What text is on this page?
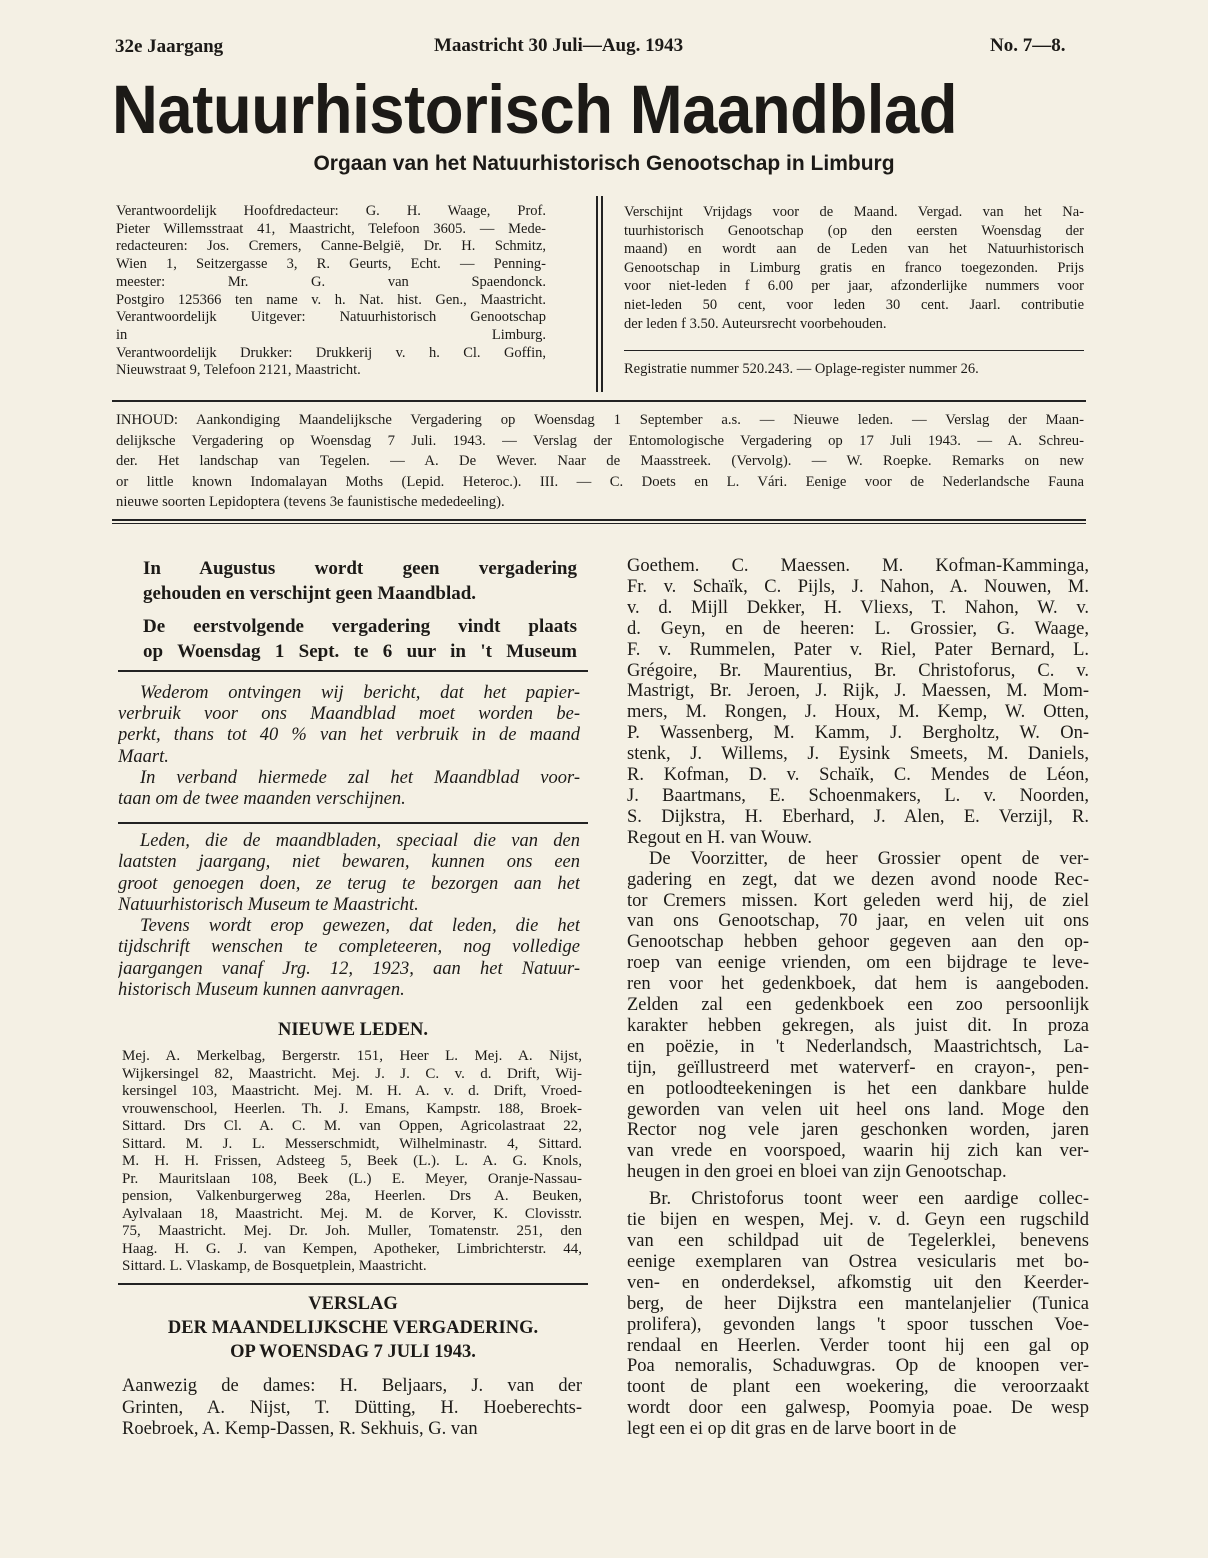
32e Jaargang	Maastricht 30 Juli—Aug. 1943	No. 7—8.
Natuurhistorisch Maandblad
Orgaan van het Natuurhistorisch Genootschap in Limburg
Verantwoordelijk Hoofdredacteur: G. H. Waage, Prof.
Pieter Willemsstraat 41, Maastricht, Telefoon 3605. — Mede-
redacteuren: Jos. Cremers, Canne-België, Dr. H. Schmitz,
Wien 1, Seitzergasse 3, R. Geurts, Echt. — Penning-
meester: Mr. G. van Spaendonck.
Postgiro 125366 ten name v. h. Nat. hist. Gen., Maastricht.
Verantwoordelijk Uitgever: Natuurhistorisch Genootschap
in Limburg.
Verantwoordelijk Drukker: Drukkerij v. h. Cl. Goffin,
Nieuwstraat 9, Telefoon 2121, Maastricht.
Verschijnt Vrijdags voor de Maand. Vergad. van het Na-
tuurhistorisch Genootschap (op den eersten Woensdag der
maand) en wordt aan de Leden van het Natuurhistorisch
Genootschap in Limburg gratis en franco toegezonden. Prijs
voor niet-leden f 6.00 per jaar, afzonderlijke nummers voor
niet-leden 50 cent, voor leden 30 cent. Jaarl. contributie
der leden f 3.50. Auteursrecht voorbehouden.
Registratie nummer 520.243. — Oplage-register nummer 26.
INHOUD: Aankondiging Maandelijksche Vergadering op Woensdag 1 September a.s. — Nieuwe leden. — Verslag der Maan-
delijksche Vergadering op Woensdag 7 Juli. 1943. — Verslag der Entomologische Vergadering op 17 Juli 1943. — A. Schreu-
der. Het landschap van Tegelen. — A. De Wever. Naar de Maasstreek. (Vervolg). — W. Roepke. Remarks on new
or little known Indomalayan Moths (Lepid. Heteroc.). III. — C. Doets en L. Vári. Eenige voor de Nederlandsche Fauna
nieuwe soorten Lepidoptera (tevens 3e faunistische mededeeling).
In Augustus wordt geen vergadering
gehouden en verschijnt geen Maandblad.
De eerstvolgende vergadering vindt plaats
op Woensdag 1 Sept. te 6 uur in 't Museum
Wederom ontvingen wij bericht, dat het papier-
verbruik voor ons Maandblad moet worden be-
perkt, thans tot 40 % van het verbruik in de maand
Maart.
In verband hiermede zal het Maandblad voor-
taan om de twee maanden verschijnen.
Leden, die de maandbladen, speciaal die van den
laatsten jaargang, niet bewaren, kunnen ons een
groot genoegen doen, ze terug te bezorgen aan het
Natuurhistorisch Museum te Maastricht.
Tevens wordt erop gewezen, dat leden, die het
tijdschrift wenschen te completeeren, nog volledige
jaargangen vanaf Jrg. 12, 1923, aan het Natuur-
historisch Museum kunnen aanvragen.
NIEUWE LEDEN.
Mej. A. Merkelbag, Bergerstr. 151, Heer L. Mej. A. Nijst,
Wijkersingel 82, Maastricht. Mej. J. J. C. v. d. Drift, Wij-
kersingel 103, Maastricht. Mej. M. H. A. v. d. Drift, Vroed-
vrouwenschool, Heerlen. Th. J. Emans, Kampstr. 188, Broek-
Sittard. Drs Cl. A. C. M. van Oppen, Agricolastraat 22,
Sittard. M. J. L. Messerschmidt, Wilhelminastr. 4, Sittard.
M. H. H. Frissen, Adsteeg 5, Beek (L.). L. A. G. Knols,
Pr. Mauritslaan 108, Beek (L.) E. Meyer, Oranje-Nassau-
pension, Valkenburgerweg 28a, Heerlen. Drs A. Beuken,
Aylvalaan 18, Maastricht. Mej. M. de Korver, K. Clovisstr.
75, Maastricht. Mej. Dr. Joh. Muller, Tomatenstr. 251, den
Haag. H. G. J. van Kempen, Apotheker, Limbrichterstr. 44,
Sittard. L. Vlaskamp, de Bosquetplein, Maastricht.
VERSLAG
DER MAANDELIJKSCHE VERGADERING.
OP WOENSDAG 7 JULI 1943.
Aanwezig de dames: H. Beljaars, J. van der
Grinten, A. Nijst, T. Dütting, H. Hoeberechts-
Roebroek, A. Kemp-Dassen, R. Sekhuis, G. van
Goethem. C. Maessen. M. Kofman-Kamminga,
Fr. v. Schaïk, C. Pijls, J. Nahon, A. Nouwen, M.
v. d. Mijll Dekker, H. Vliexs, T. Nahon, W. v.
d. Geyn, en de heeren: L. Grossier, G. Waage,
F. v. Rummelen, Pater v. Riel, Pater Bernard, L.
Grégoire, Br. Maurentius, Br. Christoforus, C. v.
Mastrigt, Br. Jeroen, J. Rijk, J. Maessen, M. Mom-
mers, M. Rongen, J. Houx, M. Kemp, W. Otten,
P. Wassenberg, M. Kamm, J. Bergholtz, W. On-
stenk, J. Willems, J. Eysink Smeets, M. Daniels,
R. Kofman, D. v. Schaïk, C. Mendes de Léon,
J. Baartmans, E. Schoenmakers, L. v. Noorden,
S. Dijkstra, H. Eberhard, J. Alen, E. Verzijl, R.
Regout en H. van Wouw.
De Voorzitter, de heer Grossier opent de ver-
gadering en zegt, dat we dezen avond noode Rec-
tor Cremers missen. Kort geleden werd hij, de ziel
van ons Genootschap, 70 jaar, en velen uit ons
Genootschap hebben gehoor gegeven aan den op-
roep van eenige vrienden, om een bijdrage te leve-
ren voor het gedenkboek, dat hem is aangeboden.
Zelden zal een gedenkboek een zoo persoonlijk
karakter hebben gekregen, als juist dit. In proza
en poëzie, in 't Nederlandsch, Maastrichtsch, La-
tijn, geïllustreerd met waterverf- en crayon-, pen-
en potloodteekeningen is het een dankbare hulde
geworden van velen uit heel ons land. Moge den
Rector nog vele jaren geschonken worden, jaren
van vrede en voorspoed, waarin hij zich kan ver-
heugen in den groei en bloei van zijn Genootschap.
Br. Christoforus toont weer een aardige collec-
tie bijen en wespen, Mej. v. d. Geyn een rugschild
van een schildpad uit de Tegelerklei, benevens
eenige exemplaren van Ostrea vesicularis met bo-
ven- en onderdeksel, afkomstig uit den Keerder-
berg, de heer Dijkstra een mantelanjelier (Tunica
prolifera), gevonden langs 't spoor tusschen Voe-
rendaal en Heerlen. Verder toont hij een gal op
Poa nemoralis, Schaduwgras. Op de knoopen ver-
toont de plant een woekering, die veroorzaakt
wordt door een galwesp, Poomyia poae. De wesp
legt een ei op dit gras en de larve boort in de
